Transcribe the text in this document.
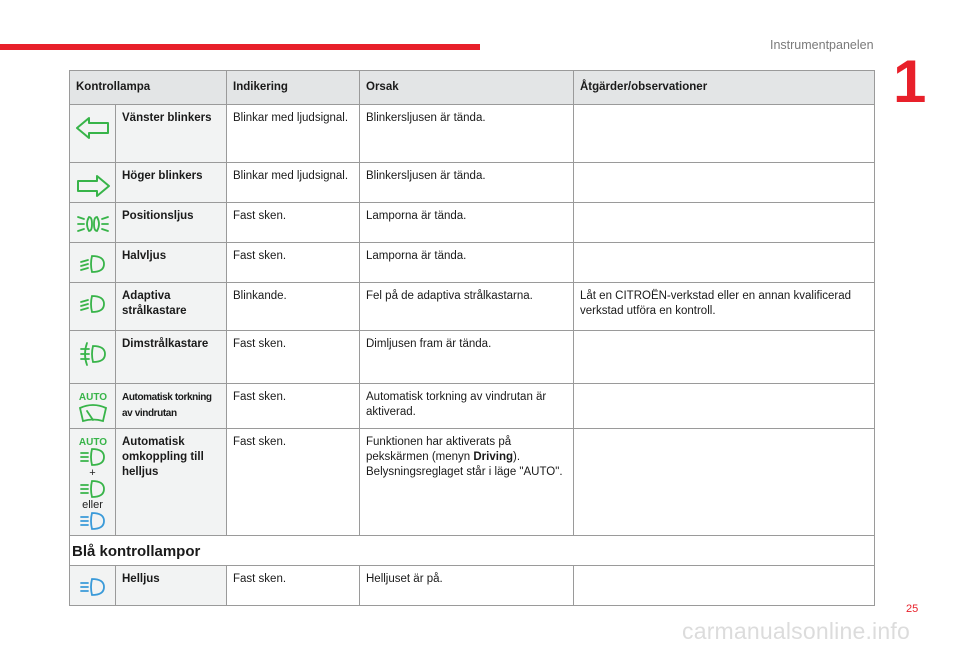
Instrumentpanelen
1
Kontrollampa		Indikering	Orsak	Åtgärder/observationer

	Vänster blinkers	Blinkar med ljudsignal.	Blinkersljusen är tända.	

	Höger blinkers	Blinkar med ljudsignal.	Blinkersljusen är tända.	

	Positionsljus	Fast sken.	Lamporna är tända.	

	Halvljus	Fast sken.	Lamporna är tända.	

	Adaptiva strålkastare	Blinkande.	Fel på de adaptiva strålkastarna.	Låt en CITROËN-verkstad eller en annan kvalificerad verkstad utföra en kontroll.

	Dimstrålkastare	Fast sken.	Dimljusen fram är tända.	

AUTO	Automatisk torkning av vindrutan	Fast sken.	Automatisk torkning av vindrutan är aktiverad.	

AUTO
+
eller	Automatisk omkoppling till helljus	Fast sken.	Funktionen har aktiverats på pekskärmen (menyn Driving). Belysningsreglaget står i läge "AUTO".	
Blå kontrollampor				

	Helljus	Fast sken.	Helljuset är på.	
25
carmanualsonline.info
